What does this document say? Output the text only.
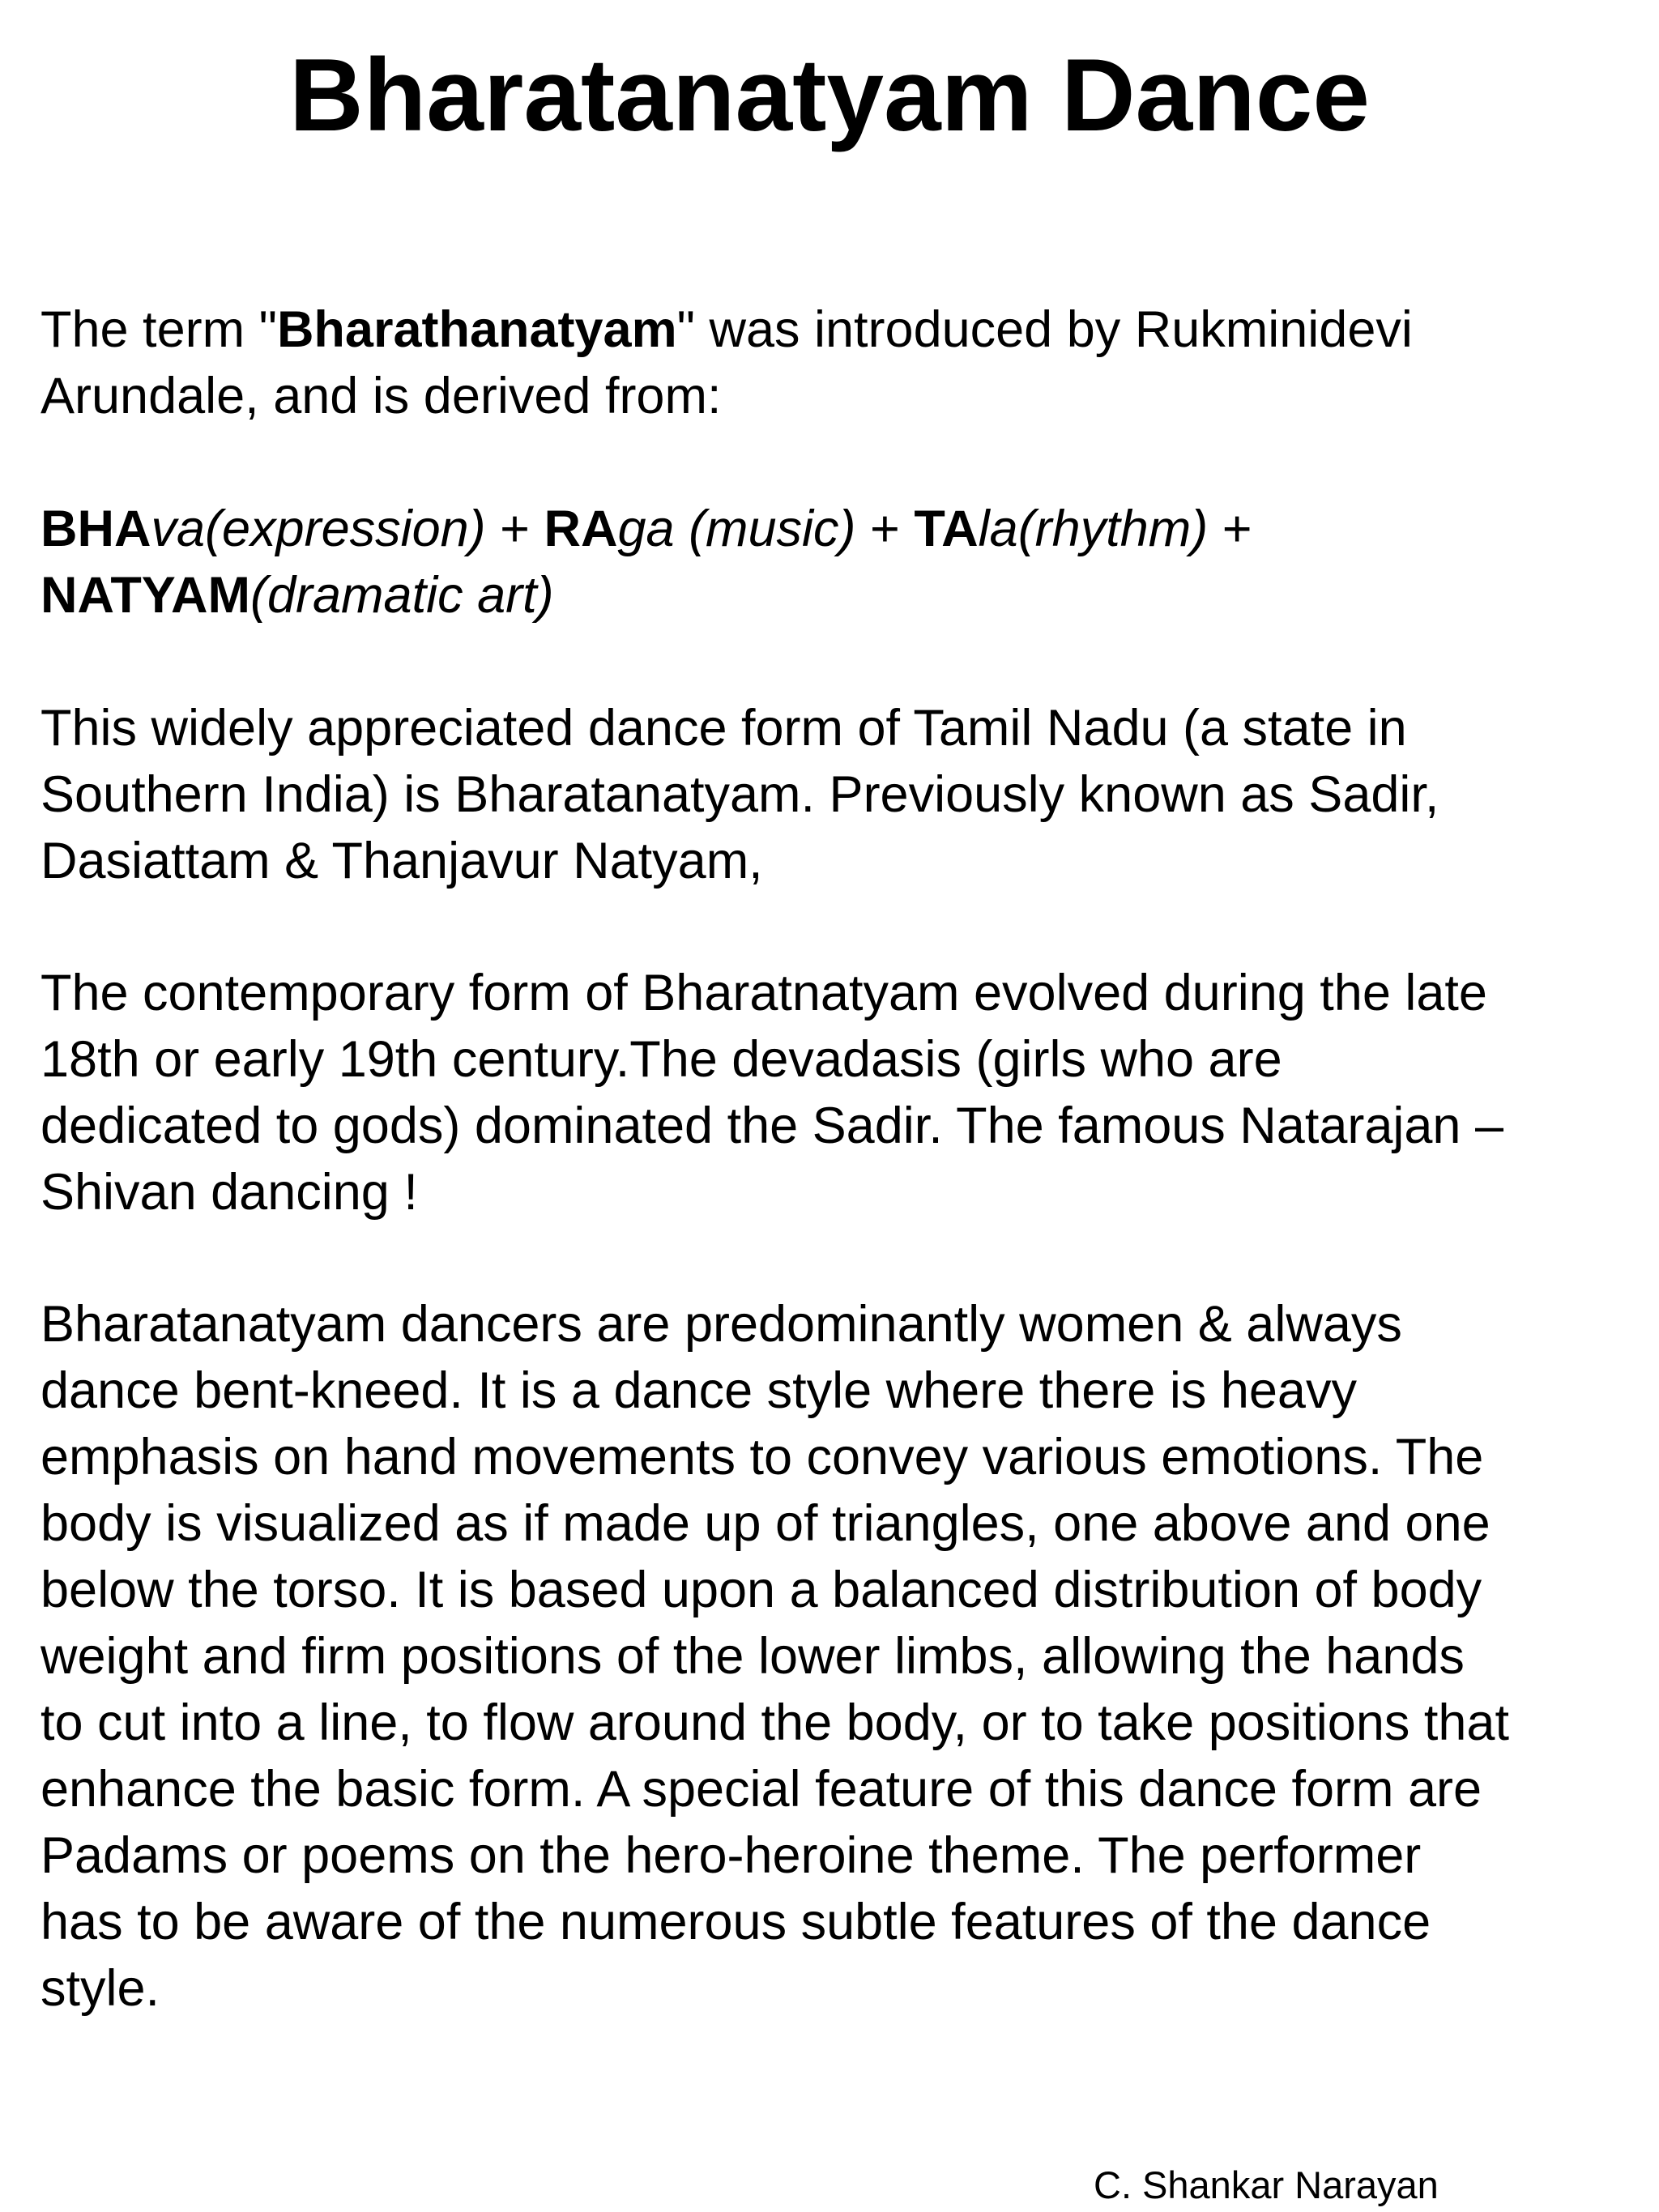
Bharatanatyam Dance

The term "Bharathanatyam" was introduced by Rukminidevi
Arundale, and is derived from:

BHAva(expression) + RAga (music) + TAla(rhythm) +
NATYAM(dramatic art)

This widely appreciated dance form of Tamil Nadu (a state in
Southern India) is Bharatanatyam. Previously known as Sadir,
Dasiattam & Thanjavur Natyam,

The contemporary form of Bharatnatyam evolved during the late
18th or early 19th century.The devadasis (girls who are
dedicated to gods) dominated the Sadir. The famous Natarajan –
Shivan dancing !

Bharatanatyam dancers are predominantly women & always
dance bent-kneed. It is a dance style where there is heavy
emphasis on hand movements to convey various emotions. The
body is visualized as if made up of triangles, one above and one
below the torso. It is based upon a balanced distribution of body
weight and firm positions of the lower limbs, allowing the hands
to cut into a line, to flow around the body, or to take positions that
enhance the basic form. A special feature of this dance form are
Padams or poems on the hero-heroine theme. The performer
has to be aware of the numerous subtle features of the dance
style.

C. Shankar Narayan
